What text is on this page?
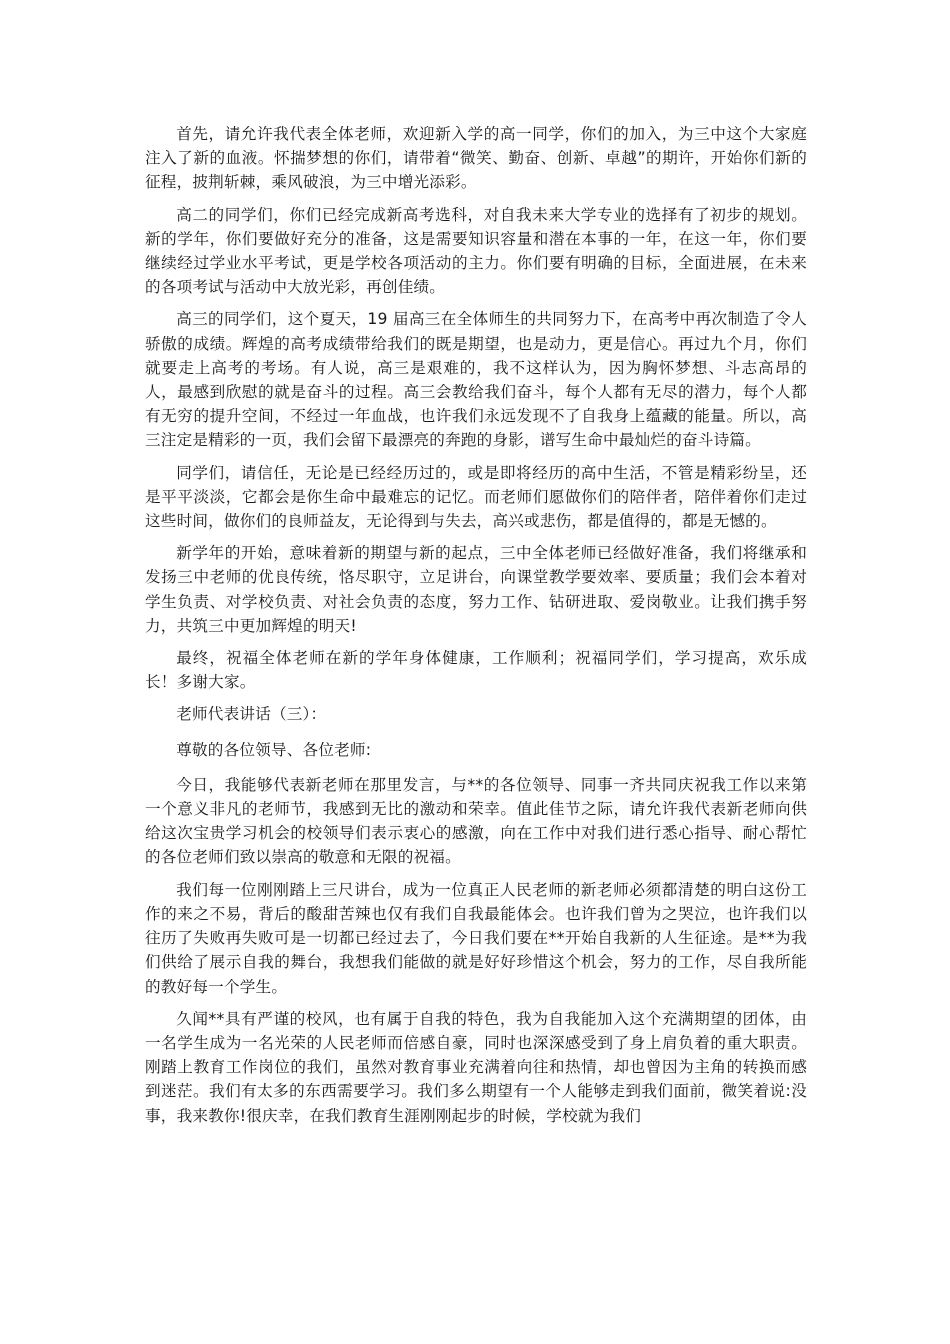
首先，请允许我代表全体老师，欢迎新入学的高一同学，你们的加入，为三中这个大家庭注入了新的血液。怀揣梦想的你们，请带着“微笑、勤奋、创新、卓越”的期许，开始你们新的征程，披荆斩棘，乘风破浪，为三中增光添彩。

高二的同学们，你们已经完成新高考选科，对自我未来大学专业的选择有了初步的规划。新的学年，你们要做好充分的准备，这是需要知识容量和潜在本事的一年，在这一年，你们要继续经过学业水平考试，更是学校各项活动的主力。你们要有明确的目标，全面进展，在未来的各项考试与活动中大放光彩，再创佳绩。

高三的同学们，这个夏天，19 届高三在全体师生的共同努力下，在高考中再次制造了令人骄傲的成绩。辉煌的高考成绩带给我们的既是期望，也是动力，更是信心。再过九个月，你们就要走上高考的考场。有人说，高三是艰难的，我不这样认为，因为胸怀梦想、斗志高昂的人，最感到欣慰的就是奋斗的过程。高三会教给我们奋斗，每个人都有无尽的潜力，每个人都有无穷的提升空间，不经过一年血战，也许我们永远发现不了自我身上蕴藏的能量。所以，高三注定是精彩的一页，我们会留下最漂亮的奔跑的身影，谱写生命中最灿烂的奋斗诗篇。

同学们，请信任，无论是已经经历过的，或是即将经历的高中生活，不管是精彩纷呈，还是平平淡淡，它都会是你生命中最难忘的记忆。而老师们愿做你们的陪伴者，陪伴着你们走过这些时间，做你们的良师益友，无论得到与失去，高兴或悲伤，都是值得的，都是无憾的。

新学年的开始，意味着新的期望与新的起点，三中全体老师已经做好准备，我们将继承和发扬三中老师的优良传统，恪尽职守，立足讲台，向课堂教学要效率、要质量；我们会本着对学生负责、对学校负责、对社会负责的态度，努力工作、钻研进取、爱岗敬业。让我们携手努力，共筑三中更加辉煌的明天!

最终，祝福全体老师在新的学年身体健康，工作顺利；祝福同学们，学习提高，欢乐成长！多谢大家。

老师代表讲话（三）：

尊敬的各位领导、各位老师:

今日，我能够代表新老师在那里发言，与**的各位领导、同事一齐共同庆祝我工作以来第一个意义非凡的老师节，我感到无比的激动和荣幸。值此佳节之际，请允许我代表新老师向供给这次宝贵学习机会的校领导们表示衷心的感激，向在工作中对我们进行悉心指导、耐心帮忙的各位老师们致以崇高的敬意和无限的祝福。

我们每一位刚刚踏上三尺讲台，成为一位真正人民老师的新老师必须都清楚的明白这份工作的来之不易，背后的酸甜苦辣也仅有我们自我最能体会。也许我们曾为之哭泣，也许我们以往历了失败再失败可是一切都已经过去了，今日我们要在**开始自我新的人生征途。是**为我们供给了展示自我的舞台，我想我们能做的就是好好珍惜这个机会，努力的工作，尽自我所能的教好每一个学生。

久闻**具有严谨的校风，也有属于自我的特色，我为自我能加入这个充满期望的团体，由一名学生成为一名光荣的人民老师而倍感自豪，同时也深深感受到了身上肩负着的重大职责。刚踏上教育工作岗位的我们，虽然对教育事业充满着向往和热情，却也曾因为主角的转换而感到迷茫。我们有太多的东西需要学习。我们多么期望有一个人能够走到我们面前，微笑着说:没事，我来教你!很庆幸，在我们教育生涯刚刚起步的时候，学校就为我们
